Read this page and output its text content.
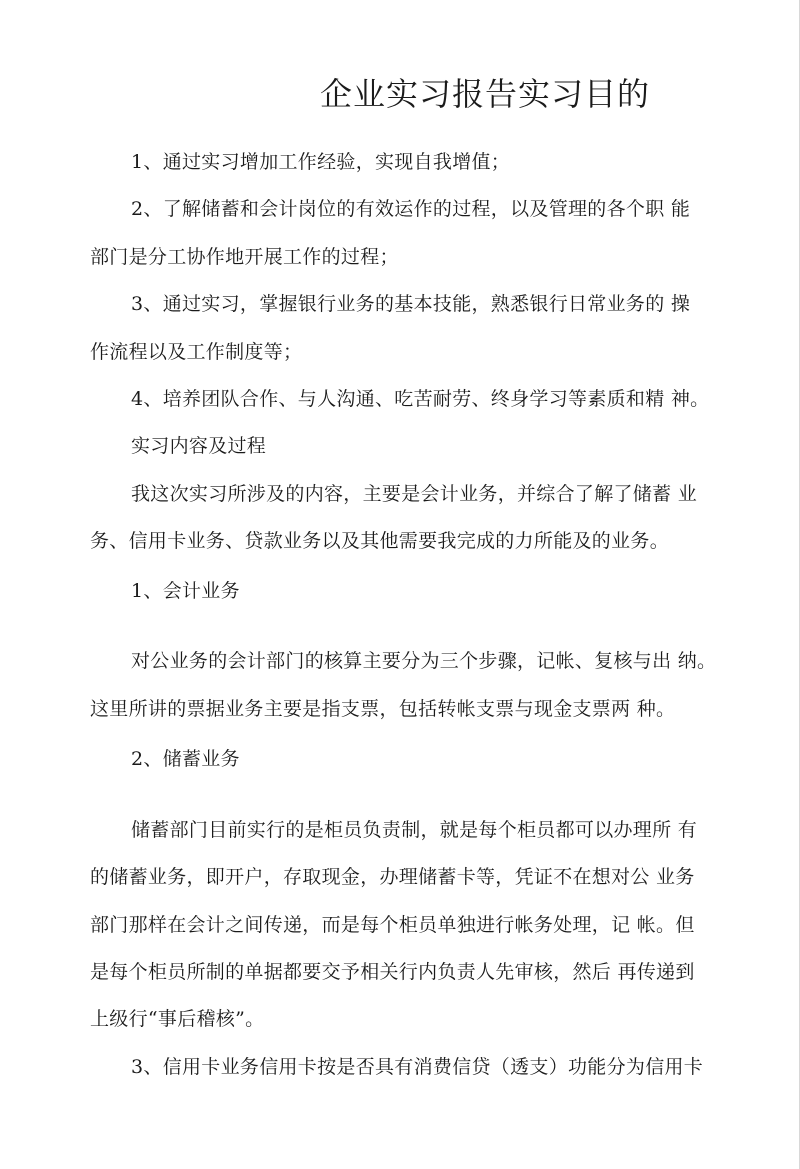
企业实习报告实习目的
1、通过实习增加工作经验，实现自我增值；
2、了解储蓄和会计岗位的有效运作的过程，以及管理的各个职 能
部门是分工协作地开展工作的过程；
3、通过实习，掌握银行业务的基本技能，熟悉银行日常业务的 操
作流程以及工作制度等；
4、培养团队合作、与人沟通、吃苦耐劳、终身学习等素质和精 神。
实习内容及过程
我这次实习所涉及的内容，主要是会计业务，并综合了解了储蓄 业
务、信用卡业务、贷款业务以及其他需要我完成的力所能及的业务。
1、会计业务
对公业务的会计部门的核算主要分为三个步骤，记帐、复核与出 纳。
这里所讲的票据业务主要是指支票，包括转帐支票与现金支票两 种。
2、储蓄业务
储蓄部门目前实行的是柜员负责制，就是每个柜员都可以办理所 有
的储蓄业务，即开户，存取现金，办理储蓄卡等，凭证不在想对公 业务
部门那样在会计之间传递，而是每个柜员单独进行帐务处理，记 帐。但
是每个柜员所制的单据都要交予相关行内负责人先审核，然后 再传递到
上级行“事后稽核”。
3、信用卡业务信用卡按是否具有消费信贷（透支）功能分为信用卡
